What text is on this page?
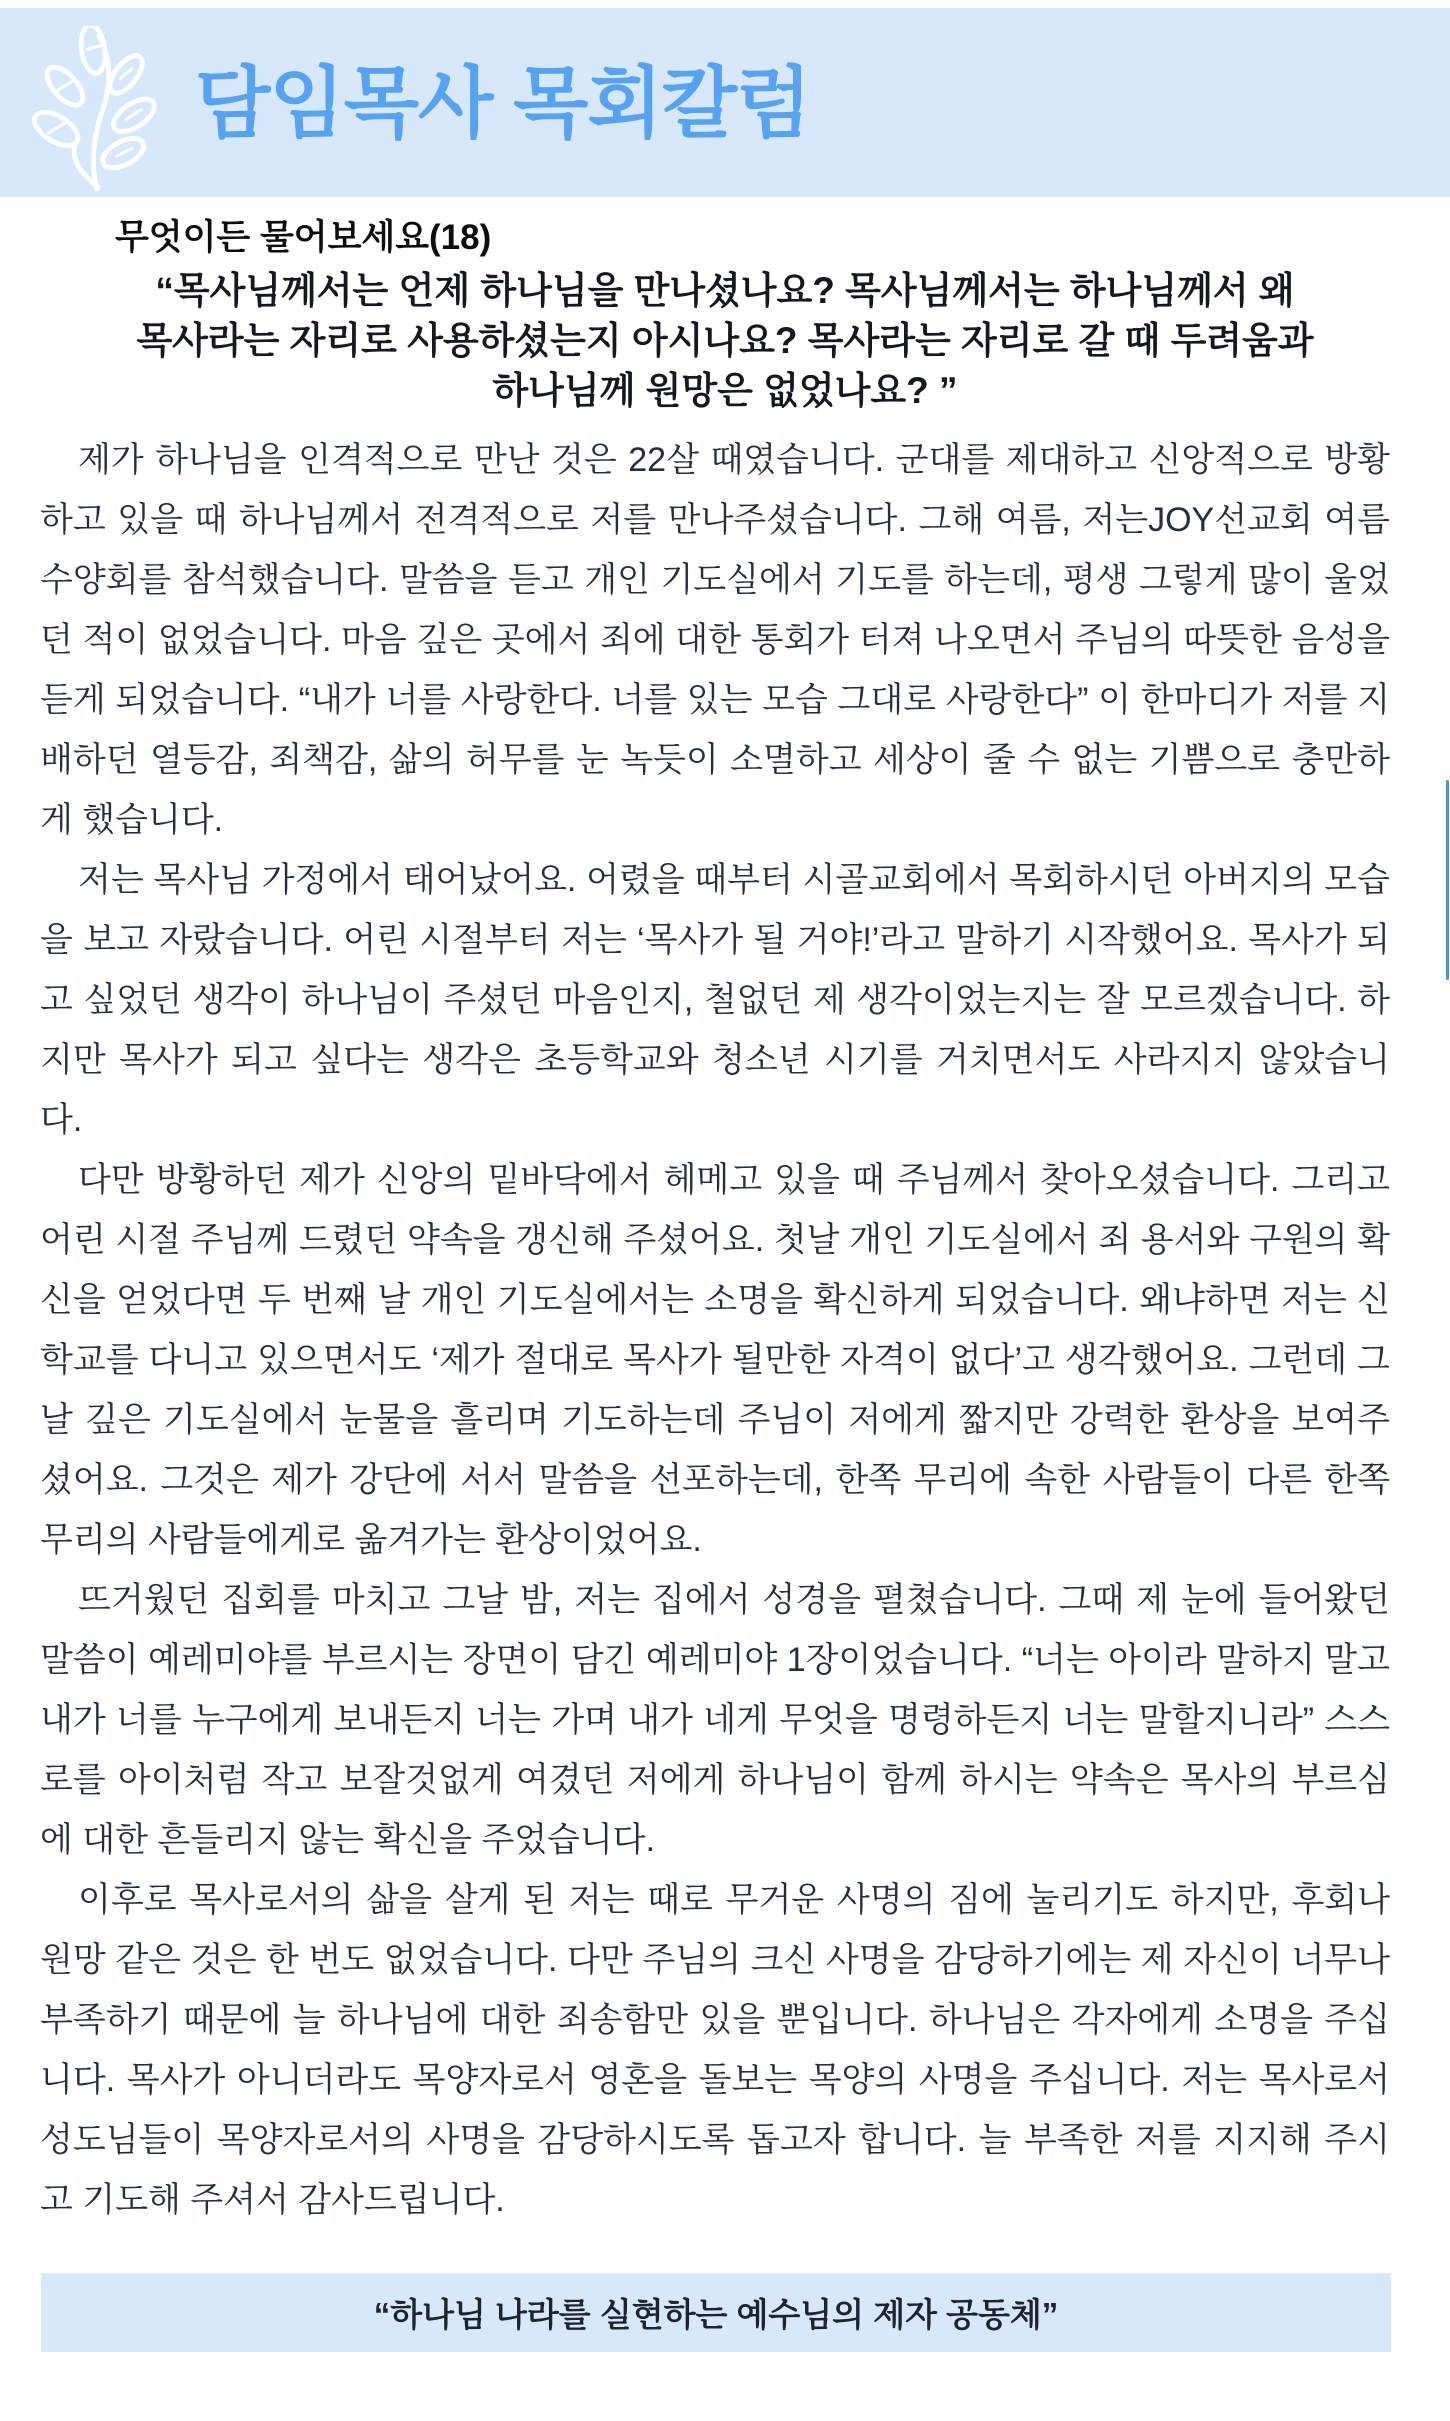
담임목사 목회칼럼
무엇이든 물어보세요(18)
“목사님께서는 언제 하나님을 만나셨나요? 목사님께서는 하나님께서 왜
목사라는 자리로 사용하셨는지 아시나요? 목사라는 자리로 갈 때 두려움과
하나님께 원망은 없었나요? ”

제가 하나님을 인격적으로 만난 것은 22살 때였습니다. 군대를 제대하고 신앙적으로 방황하고 있을 때 하나님께서 전격적으로 저를 만나주셨습니다. 그해 여름, 저는JOY선교회 여름수양회를 참석했습니다. 말씀을 듣고 개인 기도실에서 기도를 하는데, 평생 그렇게 많이 울었던 적이 없었습니다. 마음 깊은 곳에서 죄에 대한 통회가 터져 나오면서 주님의 따뜻한 음성을 듣게 되었습니다. “내가 너를 사랑한다. 너를 있는 모습 그대로 사랑한다” 이 한마디가 저를 지배하던 열등감, 죄책감, 삶의 허무를 눈 녹듯이 소멸하고 세상이 줄 수 없는 기쁨으로 충만하게 했습니다.

저는 목사님 가정에서 태어났어요. 어렸을 때부터 시골교회에서 목회하시던 아버지의 모습을 보고 자랐습니다. 어린 시절부터 저는 ‘목사가 될 거야!’라고 말하기 시작했어요. 목사가 되고 싶었던 생각이 하나님이 주셨던 마음인지, 철없던 제 생각이었는지는 잘 모르겠습니다. 하지만 목사가 되고 싶다는 생각은 초등학교와 청소년 시기를 거치면서도 사라지지 않았습니다.

다만 방황하던 제가 신앙의 밑바닥에서 헤메고 있을 때 주님께서 찾아오셨습니다. 그리고 어린 시절 주님께 드렸던 약속을 갱신해 주셨어요. 첫날 개인 기도실에서 죄 용서와 구원의 확신을 얻었다면 두 번째 날 개인 기도실에서는 소명을 확신하게 되었습니다. 왜냐하면 저는 신학교를 다니고 있으면서도 ‘제가 절대로 목사가 될만한 자격이 없다’고 생각했어요. 그런데 그날 깊은 기도실에서 눈물을 흘리며 기도하는데 주님이 저에게 짧지만 강력한 환상을 보여주셨어요. 그것은 제가 강단에 서서 말씀을 선포하는데, 한쪽 무리에 속한 사람들이 다른 한쪽 무리의 사람들에게로 옮겨가는 환상이었어요.

뜨거웠던 집회를 마치고 그날 밤, 저는 집에서 성경을 펼쳤습니다. 그때 제 눈에 들어왔던 말씀이 예레미야를 부르시는 장면이 담긴 예레미야 1장이었습니다. “너는 아이라 말하지 말고 내가 너를 누구에게 보내든지 너는 가며 내가 네게 무엇을 명령하든지 너는 말할지니라” 스스로를 아이처럼 작고 보잘것없게 여겼던 저에게 하나님이 함께 하시는 약속은 목사의 부르심에 대한 흔들리지 않는 확신을 주었습니다.

이후로 목사로서의 삶을 살게 된 저는 때로 무거운 사명의 짐에 눌리기도 하지만, 후회나 원망 같은 것은 한 번도 없었습니다. 다만 주님의 크신 사명을 감당하기에는 제 자신이 너무나 부족하기 때문에 늘 하나님에 대한 죄송함만 있을 뿐입니다. 하나님은 각자에게 소명을 주십니다. 목사가 아니더라도 목양자로서 영혼을 돌보는 목양의 사명을 주십니다. 저는 목사로서 성도님들이 목양자로서의 사명을 감당하시도록 돕고자 합니다. 늘 부족한 저를 지지해 주시고 기도해 주셔서 감사드립니다.

“하나님 나라를 실현하는 예수님의 제자 공동체”
